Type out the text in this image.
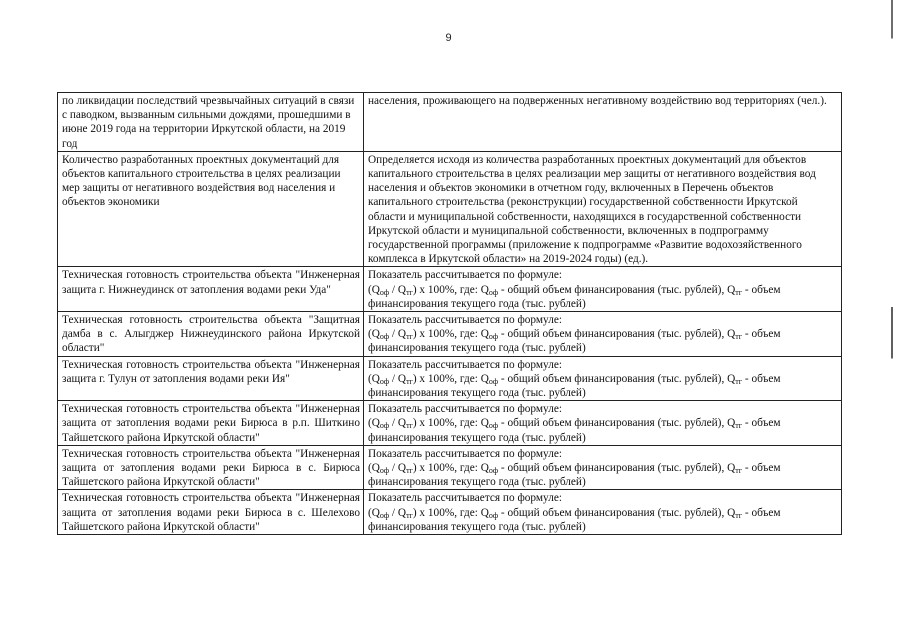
9
по ликвидации последствий чрезвычайных ситуаций в связи с паводком, вызванным сильными дождями, прошедшими в июне 2019 года на территории Иркутской области, на 2019 год	населения, проживающего на подверженных негативному воздействию вод территориях (чел.).
Количество разработанных проектных документаций для объектов капитального строительства в целях реализации мер защиты от негативного воздействия вод населения и объектов экономики	Определяется исходя из количества разработанных проектных документаций для объектов капитального строительства в целях реализации мер защиты от негативного воздействия вод населения и объектов экономики в отчетном году, включенных в Перечень объектов капитального строительства (реконструкции) государственной собственности Иркутской области и муниципальной собственности, находящихся в государственной собственности Иркутской области и муниципальной собственности, включенных в подпрограмму государственной программы (приложение к подпрограмме «Развитие водохозяйственного комплекса в Иркутской области» на 2019-2024 годы) (ед.).
Техническая готовность строительства объекта "Инженерная защита г. Нижнеудинск от затопления водами реки Уда"	Показатель рассчитывается по формуле:
$(Q_{оф} / Q_{тг})$ х 100%, где: $Q_{оф}$ - общий объем финансирования (тыс. рублей), $Q_{тг}$ - объем
финансирования текущего года (тыс. рублей)

Техническая готовность строительства объекта "Защитная дамба в с. Алыгджер Нижнеудинского района Иркутской области"	Показатель рассчитывается по формуле:
$(Q_{оф} / Q_{тг})$ х 100%, где: $Q_{оф}$ - общий объем финансирования (тыс. рублей), $Q_{тг}$ - объем
финансирования текущего года (тыс. рублей)

Техническая готовность строительства объекта "Инженерная защита г. Тулун от затопления водами реки Ия"	Показатель рассчитывается по формуле:
$(Q_{оф} / Q_{тг})$ х 100%, где: $Q_{оф}$ - общий объем финансирования (тыс. рублей), $Q_{тг}$ - объем
финансирования текущего года (тыс. рублей)

Техническая готовность строительства объекта "Инженерная защита от затопления водами реки Бирюса в р.п. Шиткино Тайшетского района Иркутской области"	Показатель рассчитывается по формуле:
$(Q_{оф} / Q_{тг})$ х 100%, где: $Q_{оф}$ - общий объем финансирования (тыс. рублей), $Q_{тг}$ - объем
финансирования текущего года (тыс. рублей)

Техническая готовность строительства объекта "Инженерная защита от затопления водами реки Бирюса в с. Бирюса Тайшетского района Иркутской области"	Показатель рассчитывается по формуле:
$(Q_{оф} / Q_{тг})$ х 100%, где: $Q_{оф}$ - общий объем финансирования (тыс. рублей), $Q_{тг}$ - объем
финансирования текущего года (тыс. рублей)

Техническая готовность строительства объекта "Инженерная защита от затопления водами реки Бирюса в с. Шелехово Тайшетского района Иркутской области"	Показатель рассчитывается по формуле:
$(Q_{оф} / Q_{тг})$ х 100%, где: $Q_{оф}$ - общий объем финансирования (тыс. рублей), $Q_{тг}$ - объем
финансирования текущего года (тыс. рублей)
